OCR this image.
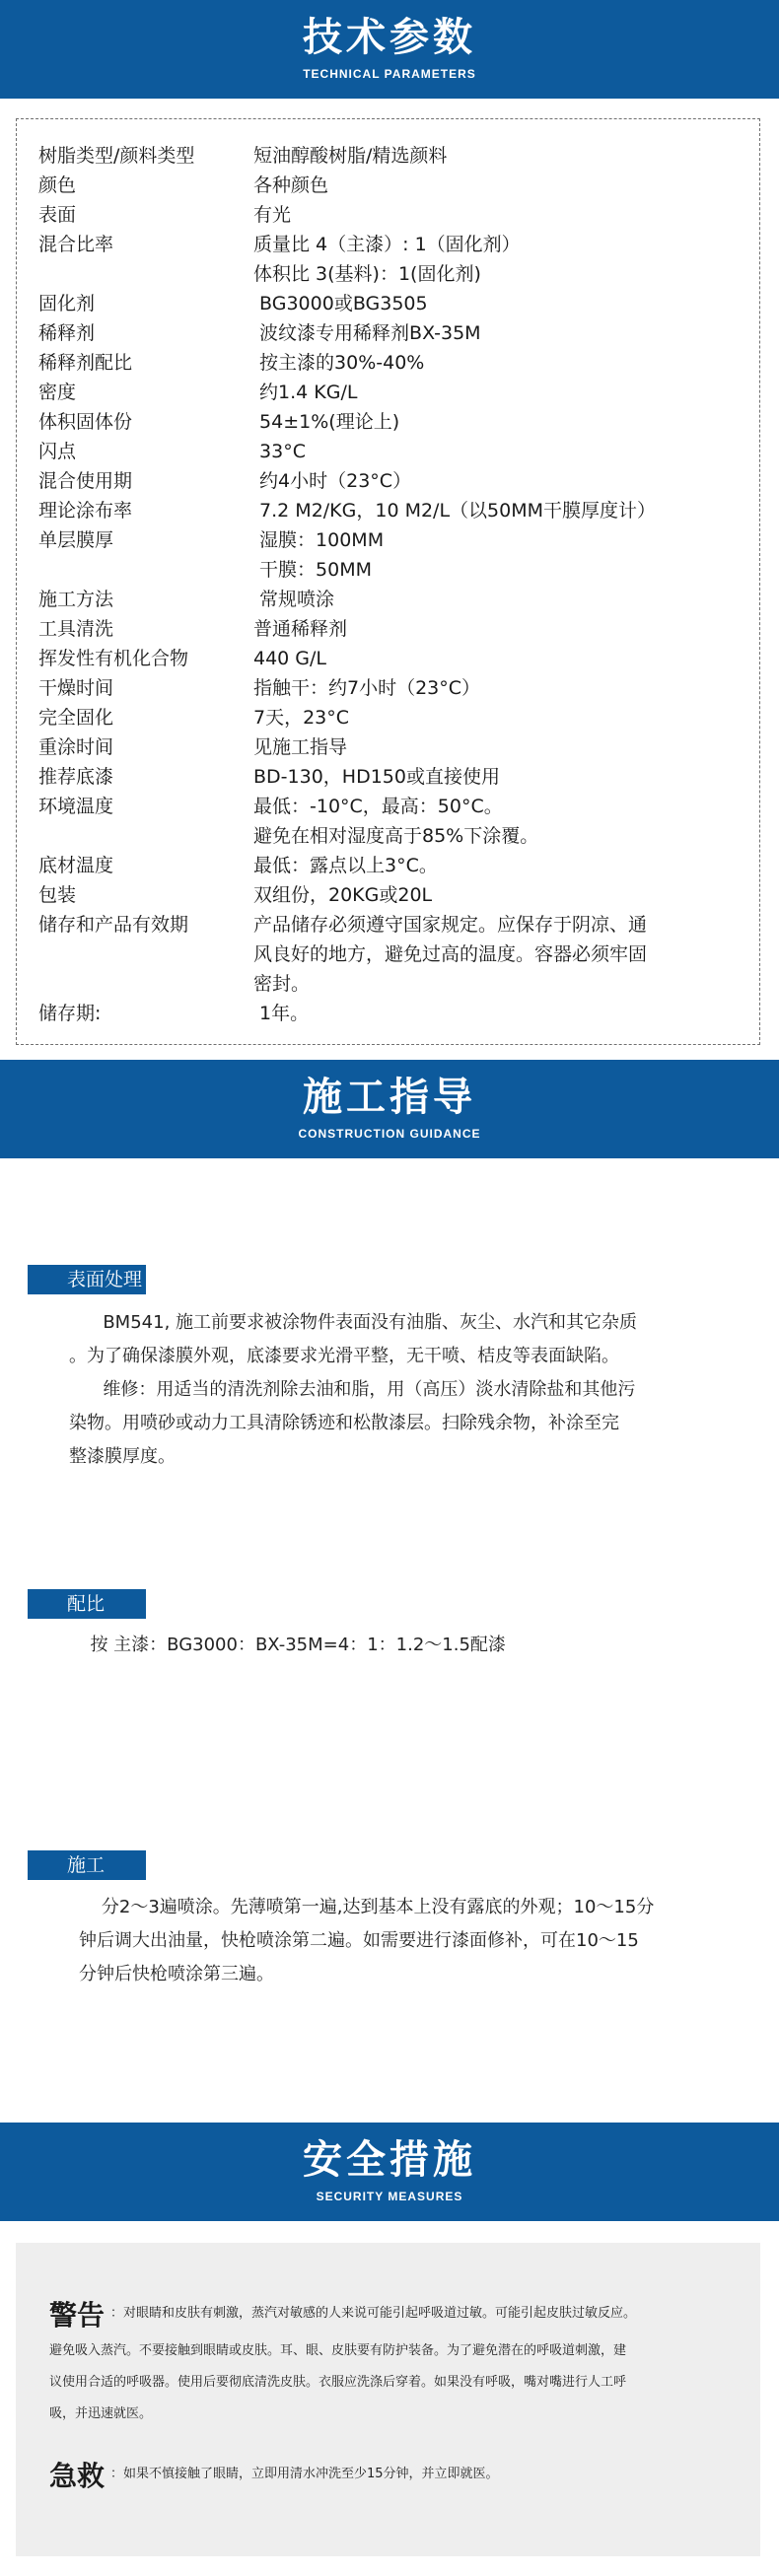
技术参数
TECHNICAL PARAMETERS
树脂类型/颜料类型	短油醇酸树脂/精选颜料
颜色	各种颜色
表面	有光
混合比率	质量比 4（主漆）: 1（固化剂）
体积比 3(基料)：1(固化剂)
固化剂	BG3000或BG3505
稀释剂	波纹漆专用稀释剂BX-35M
稀释剂配比	按主漆的30%-40%
密度	约1.4 KG/L
体积固体份	54±1%(理论上)
闪点	33°C
混合使用期	约4小时（23°C）
理论涂布率	7.2 M2/KG，10 M2/L（以50MM干膜厚度计）
单层膜厚	湿膜：100MM
干膜：50MM
施工方法	常规喷涂
工具清洗	普通稀释剂
挥发性有机化合物	440 G/L
干燥时间	指触干：约7小时（23°C）
完全固化	7天，23°C
重涂时间	见施工指导
推荐底漆	BD-130，HD150或直接使用
环境温度	最低：-10°C，最高：50°C。
避免在相对湿度高于85%下涂覆。
底材温度	最低：露点以上3°C。
包装	双组份，20KG或20L
储存和产品有效期	产品储存必须遵守国家规定。应保存于阴凉、通
风良好的地方，避免过高的温度。容器必须牢固
密封。
储存期:	1年。
施工指导
CONSTRUCTION GUIDANCE
表面处理
BM541, 施工前要求被涂物件表面没有油脂、灰尘、水汽和其它杂质
。为了确保漆膜外观，底漆要求光滑平整，无干喷、桔皮等表面缺陷。
维修：用适当的清洗剂除去油和脂，用（高压）淡水清除盐和其他污
染物。用喷砂或动力工具清除锈迹和松散漆层。扫除残余物，补涂至完
整漆膜厚度。
配比
按 主漆：BG3000：BX-35M=4：1：1.2～1.5配漆
施工
分2～3遍喷涂。先薄喷第一遍,达到基本上没有露底的外观；10～15分
钟后调大出油量，快枪喷涂第二遍。如需要进行漆面修补，可在10～15
分钟后快枪喷涂第三遍。
安全措施
SECURITY MEASURES
警告 ：对眼睛和皮肤有刺激，蒸汽对敏感的人来说可能引起呼吸道过敏。可能引起皮肤过敏反应。
避免吸入蒸汽。不要接触到眼睛或皮肤。耳、眼、皮肤要有防护装备。为了避免潜在的呼吸道刺激，建
议使用合适的呼吸器。使用后要彻底清洗皮肤。衣服应洗涤后穿着。如果没有呼吸，嘴对嘴进行人工呼
吸，并迅速就医。
急救 ：如果不慎接触了眼睛，立即用清水冲洗至少15分钟，并立即就医。
